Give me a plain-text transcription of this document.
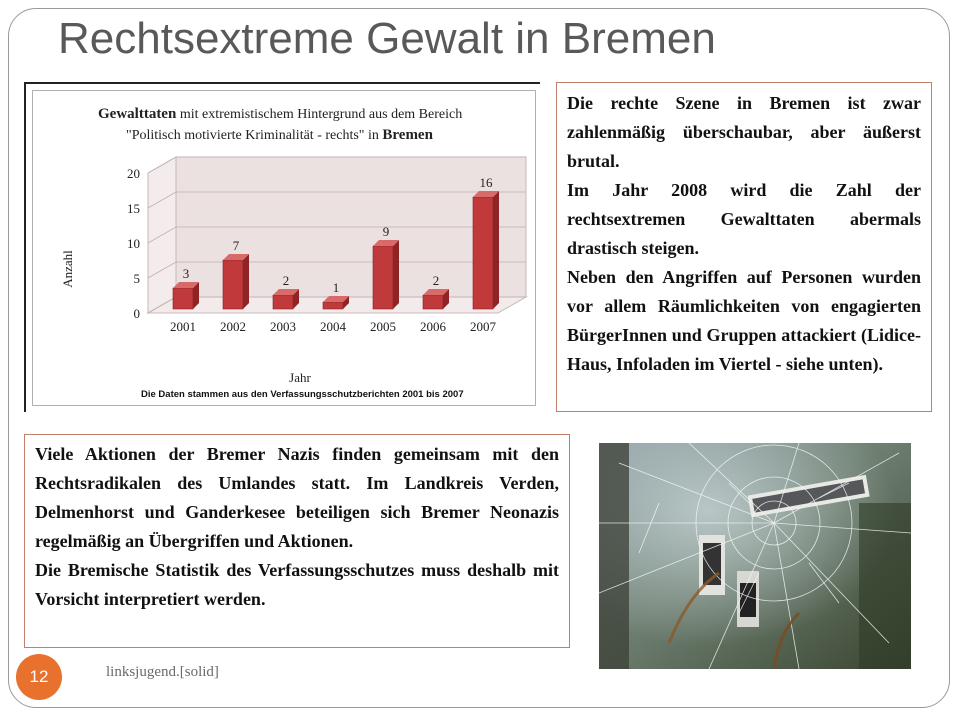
Rechtsextreme Gewalt in Bremen
Gewalttaten mit extremistischem Hintergrund aus dem Bereich
"Politisch motivierte Kriminalität - rechts" in Bremen
0
5
10
15
20
3
2001
7
2002
2
2003
1
2004
9
2005
2
2006
16
2007
Anzahl
Jahr
Die Daten stammen aus den Verfassungsschutzberichten 2001 bis 2007

Die rechte Szene in Bremen ist zwar zahlenmäßig überschaubar, aber äußerst brutal.

Im Jahr 2008 wird die Zahl der rechtsextremen Gewalttaten abermals drastisch steigen.

Neben den Angriffen auf Personen wurden vor allem Räumlichkeiten von engagierten BürgerInnen und Gruppen attackiert (Lidice-Haus, Infoladen im Viertel - siehe unten).

Viele Aktionen der Bremer Nazis finden gemeinsam mit den Rechtsradikalen des Umlandes statt. Im Landkreis Verden, Delmenhorst und Ganderkesee beteiligen sich Bremer Neonazis regelmäßig an Übergriffen und Aktionen.

Die Bremische Statistik des Verfassungsschutzes muss deshalb mit Vorsicht interpretiert werden.

12	linksjugend.[solid]
